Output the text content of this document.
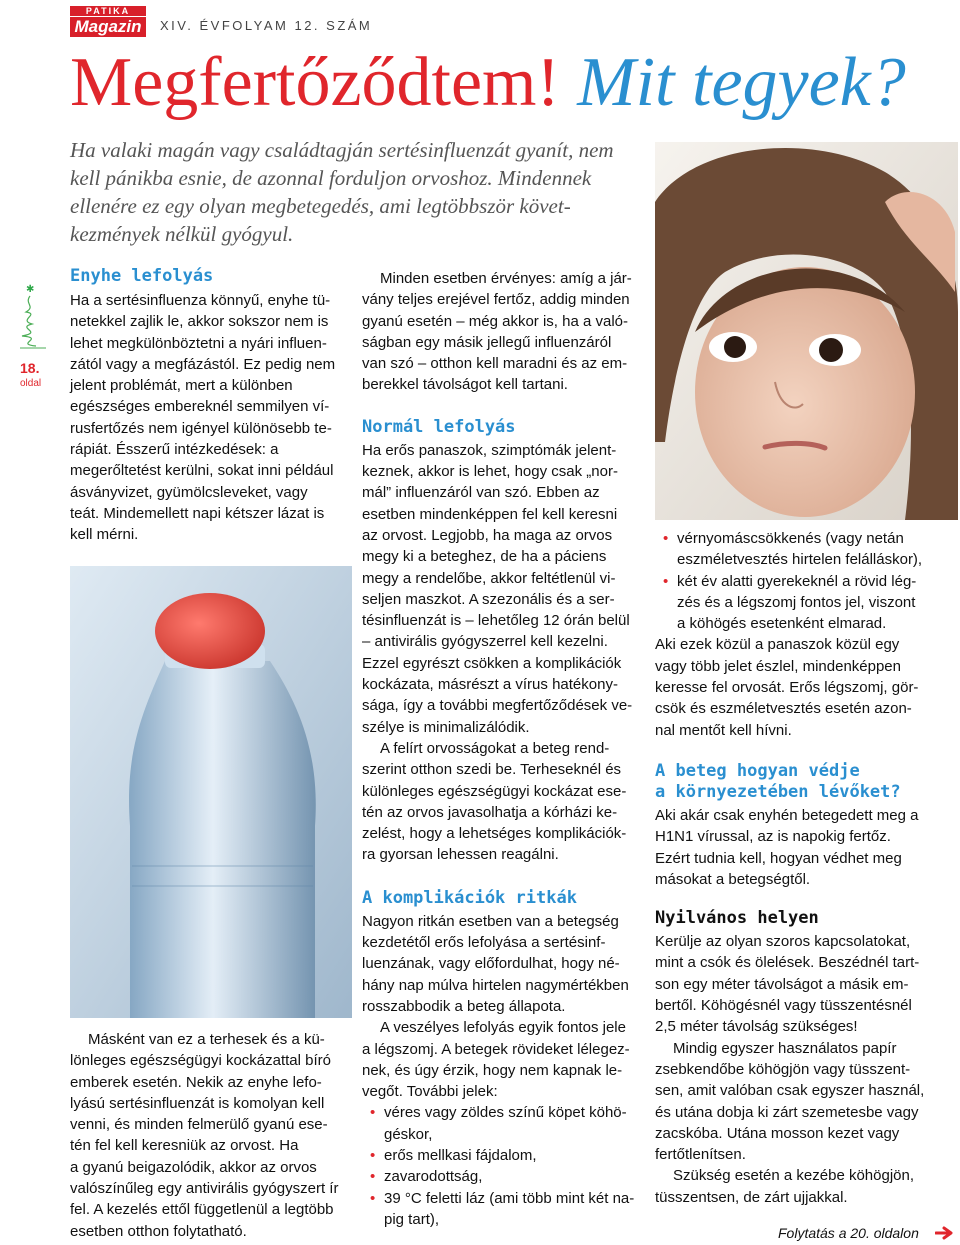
PATIKA
Magazin	XIV. ÉVFOLYAM 12. SZÁM
Megfertőződtem! Mit tegyek?

Ha valaki magán vagy családtagján sertésinfluenzát gyanít, nem

kell pánikba esnie, de azonnal forduljon orvoshoz. Mindennek

ellenére ez egy olyan megbetegedés, ami legtöbbször követ-

kezmények nélkül gyógyul.

✱
18.
oldal
Enyhe lefolyás

Ha a sertésinfluenza könnyű, enyhe tü-

netekkel zajlik le, akkor sokszor nem is

lehet megkülönböztetni a nyári influen-

zától vagy a megfázástól. Ez pedig nem

jelent problémát, mert a különben

egészséges embereknél semmilyen ví-

rusfertőzés nem igényel különösebb te-

rápiát. Ésszerű intézkedések: a

megerőltetést kerülni, sokat inni például

ásványvizet, gyümölcsleveket, vagy

teát. Mindemellett napi kétszer lázat is

kell mérni.

Másként van ez a terhesek és a kü-

lönleges egészségügyi kockázattal bíró

emberek esetén. Nekik az enyhe lefo-

lyású sertésinfluenzát is komolyan kell

venni, és minden felmerülő gyanú ese-

tén fel kell keresniük az orvost. Ha

a gyanú beigazolódik, akkor az orvos

valószínűleg egy antivirális gyógyszert ír

fel. A kezelés ettől függetlenül a legtöbb

esetben otthon folytatható.

Minden esetben érvényes: amíg a jár-

vány teljes erejével fertőz, addig minden

gyanú esetén – még akkor is, ha a való-

ságban egy másik jellegű influenzáról

van szó – otthon kell maradni és az em-

berekkel távolságot kell tartani.

Normál lefolyás

Ha erős panaszok, szimptómák jelent-

keznek, akkor is lehet, hogy csak „nor-

mál” influenzáról van szó. Ebben az

esetben mindenképpen fel kell keresni

az orvost. Legjobb, ha maga az orvos

megy ki a beteghez, de ha a páciens

megy a rendelőbe, akkor feltétlenül vi-

seljen maszkot. A szezonális és a ser-

tésinfluenzát is – lehetőleg 12 órán belül

– antivirális gyógyszerrel kell kezelni.

Ezzel egyrészt csökken a komplikációk

kockázata, másrészt a vírus hatékony-

sága, így a további megfertőződések ve-

szélye is minimalizálódik.

A felírt orvosságokat a beteg rend-

szerint otthon szedi be. Terheseknél és

különleges egészségügyi kockázat ese-

tén az orvos javasolhatja a kórházi ke-

zelést, hogy a lehetséges komplikációk-

ra gyorsan lehessen reagálni.

A komplikációk ritkák

Nagyon ritkán esetben van a betegség

kezdetétől erős lefolyása a sertésinf-

luenzának, vagy előfordulhat, hogy né-

hány nap múlva hirtelen nagymértékben

rosszabbodik a beteg állapota.

A veszélyes lefolyás egyik fontos jele

a légszomj. A betegek rövideket lélegez-

nek, és úgy érzik, hogy nem kapnak le-

vegőt. További jelek:

• véres vagy zöldes színű köpet köhö-
géskor,
• erős mellkasi fájdalom,
• zavarodottság,
• 39 °C feletti láz (ami több mint két na-
pig tart),
• vérnyomáscsökkenés (vagy netán
eszméletvesztés hirtelen felálláskor),
• két év alatti gyerekeknél a rövid lég-
zés és a légszomj fontos jel, viszont
a köhögés esetenként elmarad.

Aki ezek közül a panaszok közül egy

vagy több jelet észlel, mindenképpen

keresse fel orvosát. Erős légszomj, gör-

csök és eszméletvesztés esetén azon-

nal mentőt kell hívni.

A beteg hogyan védje
a környezetében lévőket?

Aki akár csak enyhén betegedett meg a

H1N1 vírussal, az is napokig fertőz.

Ezért tudnia kell, hogyan védhet meg

másokat a betegségtől.

Nyilvános helyen

Kerülje az olyan szoros kapcsolatokat,

mint a csók és ölelések. Beszédnél tart-

son egy méter távolságot a másik em-

bertől. Köhögésnél vagy tüsszentésnél

2,5 méter távolság szükséges!

Mindig egyszer használatos papír

zsebkendőbe köhögjön vagy tüsszent-

sen, amit valóban csak egyszer használ,

és utána dobja ki zárt szemetesbe vagy

zacskóba. Utána mosson kezet vagy

fertőtlenítsen.

Szükség esetén a kezébe köhögjön,

tüsszentsen, de zárt ujjakkal.

Folytatás a 20. oldalon
